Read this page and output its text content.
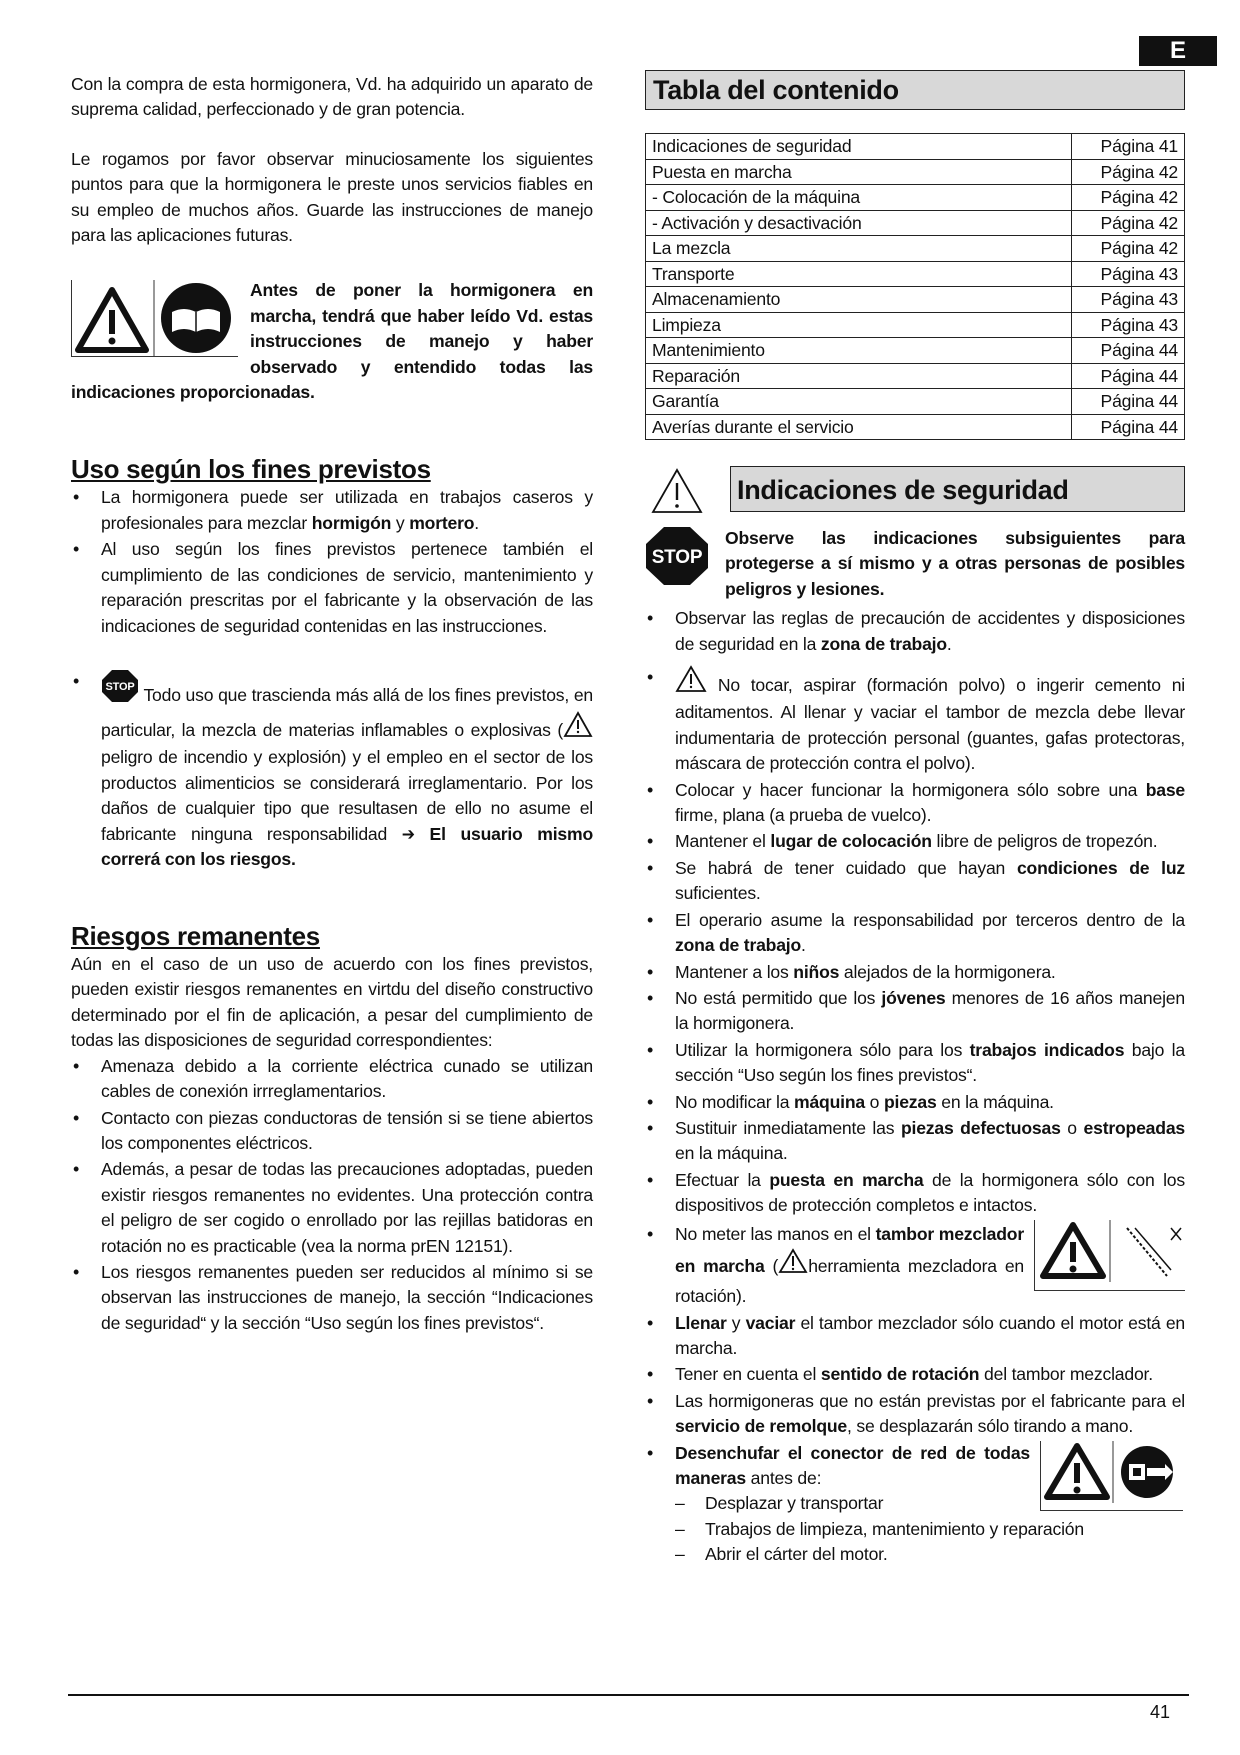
E

Con la compra de esta hormigonera, Vd. ha adquirido un aparato de suprema calidad, perfeccionado y de gran potencia.

Le rogamos por favor observar minuciosamente los siguientes puntos para que la hormigonera le preste unos servicios fiables en su empleo de muchos años. Guarde las instrucciones de manejo para las aplicaciones futuras.

Antes de poner la hormigonera en marcha, tendrá que haber leído Vd. estas instrucciones de manejo y haber observado y entendido todas las indicaciones proporcionadas.

Uso según los fines previstos
• La hormigonera puede ser utilizada en trabajos caseros y profesionales para mezclar hormigón y mortero.
• Al uso según los fines previstos pertenece también el cumplimiento de las condiciones de servicio, mantenimiento y reparación prescritas por el fabricante y la observación de las indicaciones de seguridad contenidas en las instrucciones.
• STOP Todo uso que trascienda más allá de los fines previstos, en particular, la mezcla de materias inflamables o explosivas ( peligro de incendio y explosión) y el empleo en el sector de los productos alimenticios se considerará irreglamentario. Por los daños de cualquier tipo que resultasen de ello no asume el fabricante ninguna responsabilidad ➔ El usuario mismo correrá con los riesgos.
Riesgos remanentes

Aún en el caso de un uso de acuerdo con los fines previstos, pueden existir riesgos remanentes en virtdu del diseño constructivo determinado por el fin de aplicación, a pesar del cumplimiento de todas las disposiciones de seguridad correspondientes:

• Amenaza debido a la corriente eléctrica cunado se utilizan cables de conexión irrreglamentarios.
• Contacto con piezas conductoras de tensión si se tiene abiertos los componentes eléctricos.
• Además, a pesar de todas las precauciones adoptadas, pueden existir riesgos remanentes no evidentes. Una protección contra el peligro de ser cogido o enrollado por las rejillas batidoras en rotación no es practicable (vea la norma prEN 12151).
• Los riesgos remanentes pueden ser reducidos al mínimo si se observan las instrucciones de manejo, la sección “Indicaciones de seguridad“ y la sección “Uso según los fines previstos“.
Tabla del contenido
Indicaciones de seguridad	Página 41
Puesta en marcha	Página 42
- Colocación de la máquina	Página 42
- Activación y desactivación	Página 42
La mezcla	Página 42
Transporte	Página 43
Almacenamiento	Página 43
Limpieza	Página 43
Mantenimiento	Página 44
Reparación	Página 44
Garantía	Página 44
Averías durante el servicio	Página 44
Indicaciones de seguridad
STOP
Observe las indicaciones subsiguientes para protegerse a sí mismo y a otras personas de posibles peligros y lesiones.
• Observar las reglas de precaución de accidentes y disposiciones de seguridad en la zona de trabajo.
• No tocar, aspirar (formación polvo) o ingerir cemento ni aditamentos. Al llenar y vaciar el tambor de mezcla debe llevar indumentaria de protección personal (guantes, gafas protectoras, máscara de protección contra el polvo).
• Colocar y hacer funcionar la hormigonera sólo sobre una base firme, plana (a prueba de vuelco).
• Mantener el lugar de colocación libre de peligros de tropezón.
• Se habrá de tener cuidado que hayan condiciones de luz suficientes.
• El operario asume la responsabilidad por terceros dentro de la zona de trabajo.
• Mantener a los niños alejados de la hormigonera.
• No está permitido que los jóvenes menores de 16 años manejen la hormigonera.
• Utilizar la hormigonera sólo para los trabajos indicados bajo la sección “Uso según los fines previstos“.
• No modificar la máquina o piezas en la máquina.
• Sustituir inmediatamente las piezas defectuosas o estropeadas en la máquina.
• Efectuar la puesta en marcha de la hormigonera sólo con los dispositivos de protección completos e intactos.
• No meter las manos en el tambor mezclador en marcha ( herramienta mezcladora en rotación).
• Llenar y vaciar el tambor mezclador sólo cuando el motor está en marcha.
• Tener en cuenta el sentido de rotación del tambor mezclador.
• Las hormigoneras que no están previstas por el fabricante para el servicio de remolque, se desplazarán sólo tirando a mano.
• Desenchufar el conector de red de todas maneras antes de:
– Desplazar y transportar
– Trabajos de limpieza, mantenimiento y reparación
– Abrir el cárter del motor.
41
